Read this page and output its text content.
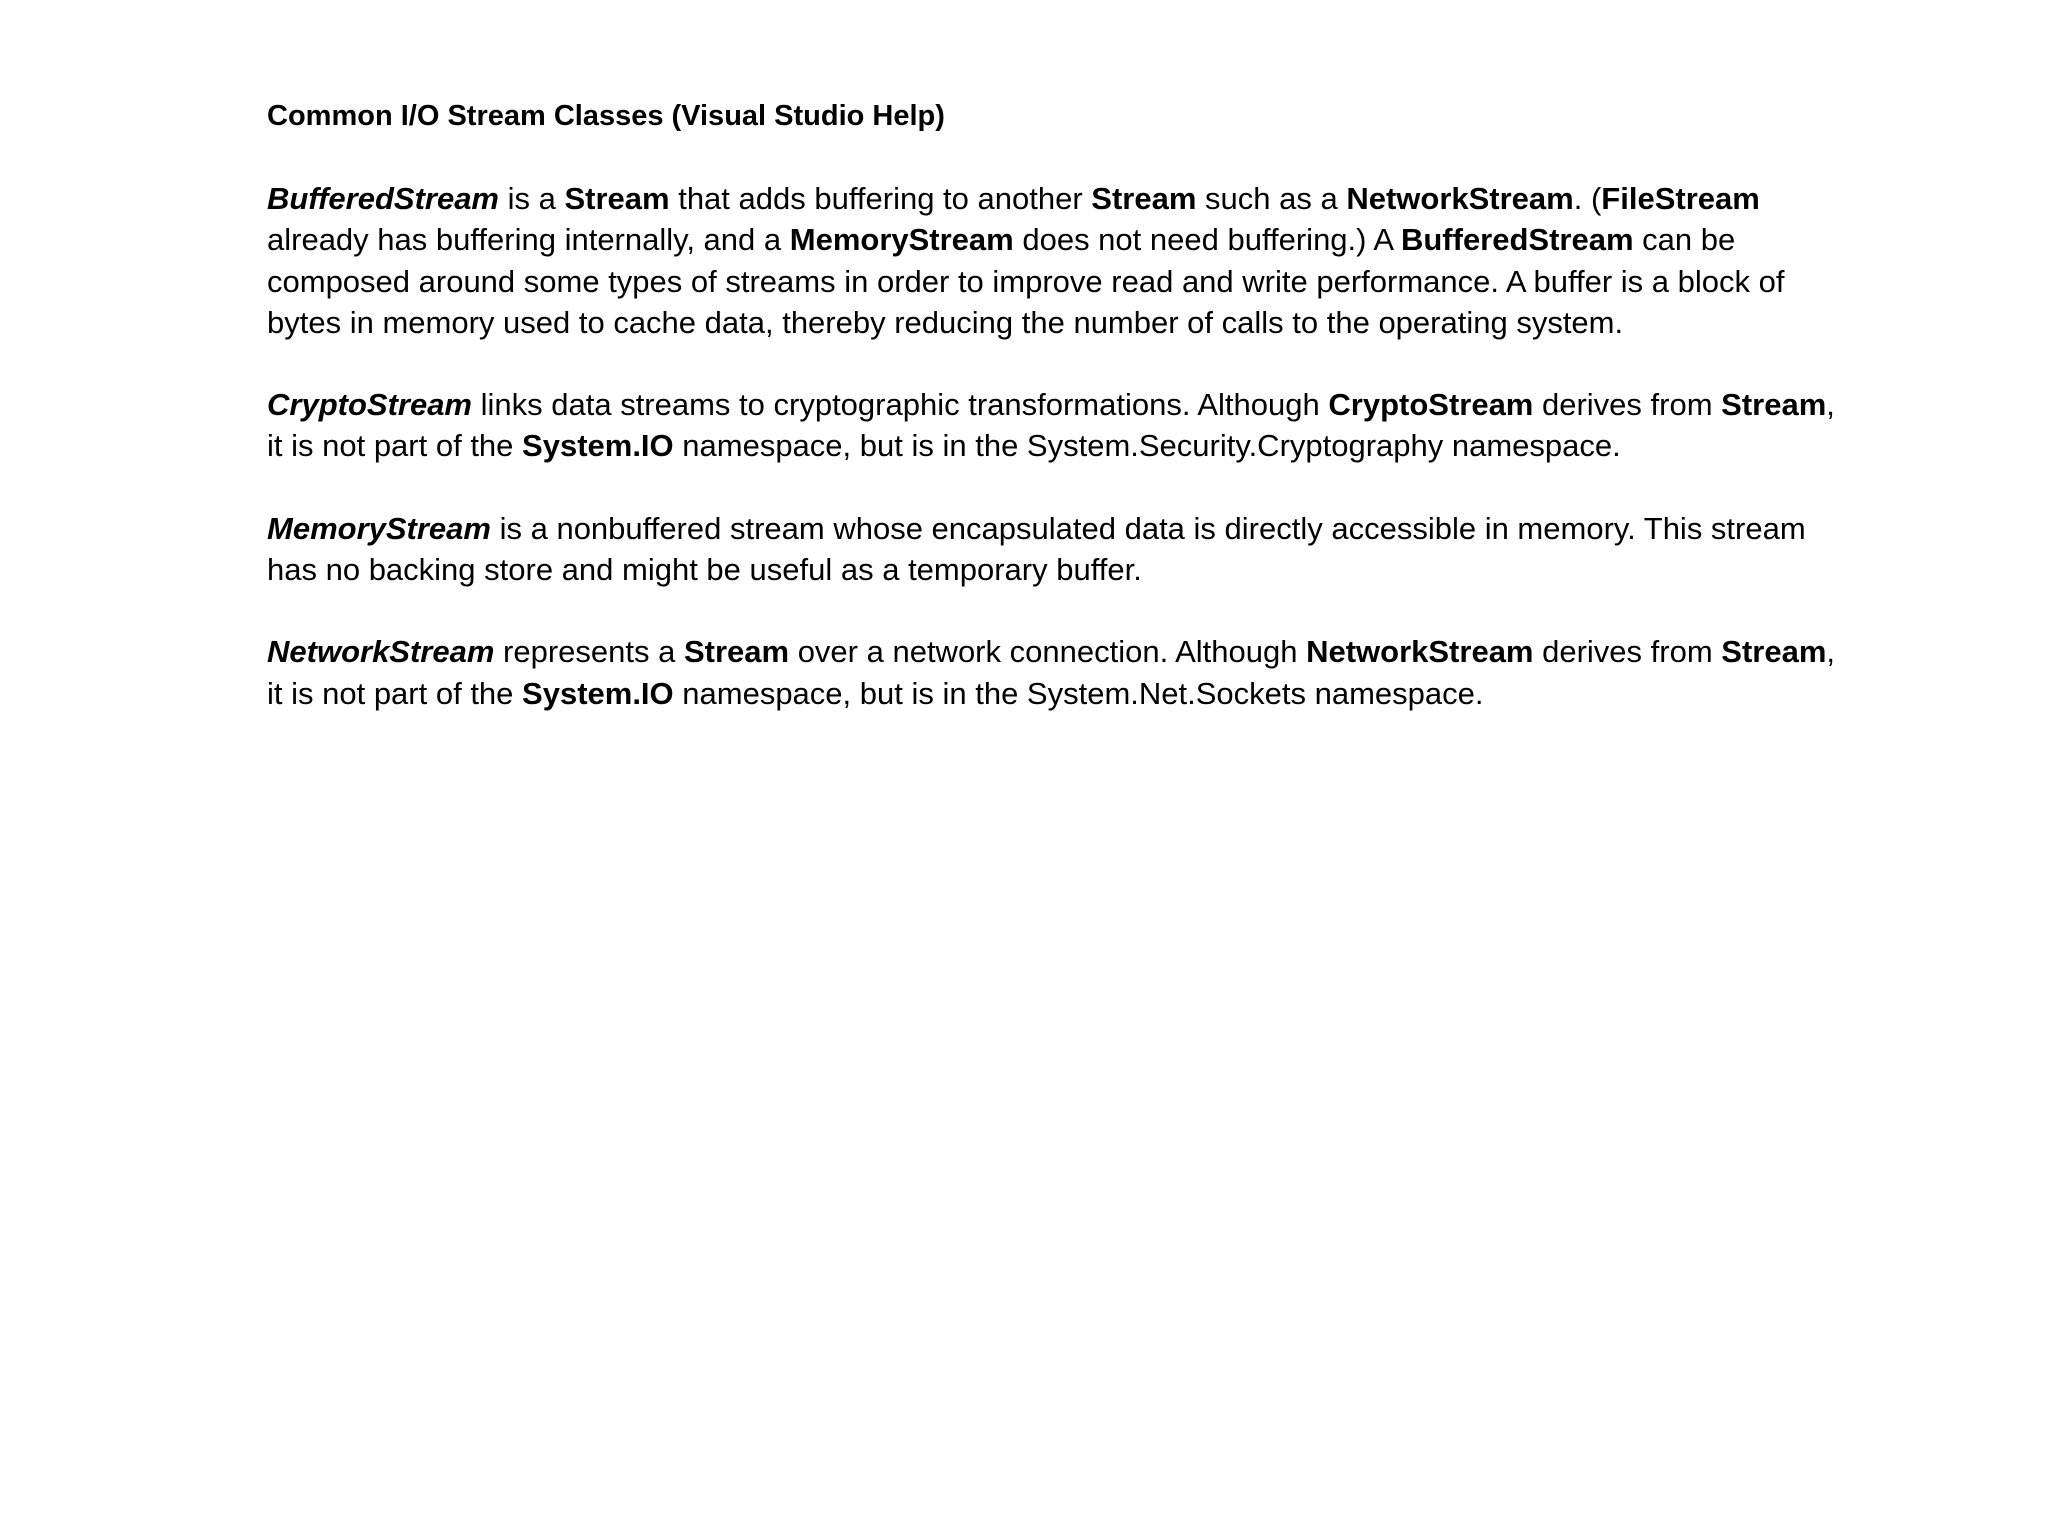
Common I/O Stream Classes (Visual Studio Help)

BufferedStream is a Stream that adds buffering to another Stream such as a NetworkStream. (FileStream already has buffering internally, and a MemoryStream does not need buffering.) A BufferedStream can be composed around some types of streams in order to improve read and write performance. A buffer is a block of bytes in memory used to cache data, thereby reducing the number of calls to the operating system.

CryptoStream links data streams to cryptographic transformations. Although CryptoStream derives from Stream, it is not part of the System.IO namespace, but is in the System.Security.Cryptography namespace.

MemoryStream is a nonbuffered stream whose encapsulated data is directly accessible in memory. This stream has no backing store and might be useful as a temporary buffer.

NetworkStream represents a Stream over a network connection. Although NetworkStream derives from Stream, it is not part of the System.IO namespace, but is in the System.Net.Sockets namespace.
